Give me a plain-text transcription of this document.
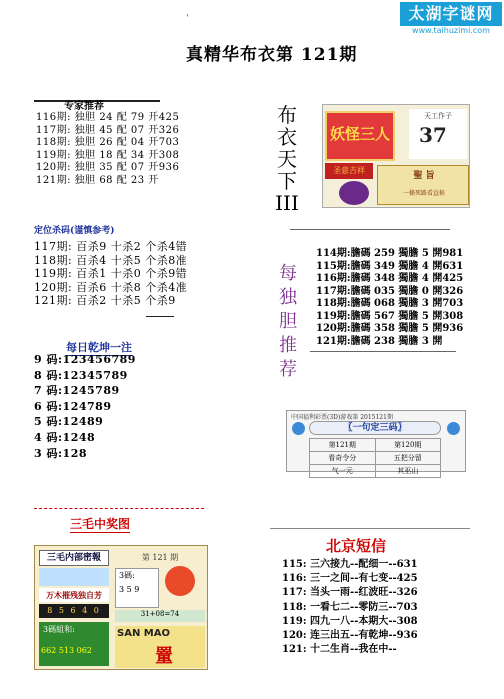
太湖字谜网
www.taihuzimi.com
ˈ
真精华布衣第 121期
专家推荐
116期: 独胆 24 配 79 开425
117期: 独胆 45 配 07 开326
118期: 独胆 26 配 04 开703
119期: 独胆 18 配 34 开308
120期: 独胆 35 配 07 开936
121期: 独胆 68 配 23 开
定位杀码(谨慎参考)
117期: 百杀9 十杀2 个杀4错
118期: 百杀4 十杀5 个杀8准
119期: 百杀1 十杀0 个杀9错
120期: 百杀6 十杀8 个杀4准
121期: 百杀2 十杀5 个杀9
每日乾坤一注
9 码:123456789
8 码:12345789
7 码:1245789
6 码:124789
5 码:12489
4 码:1248
3 码:128
布
衣
天
下
III
妖怪三人
天工作子
37
圣意吉祥
聖 旨
一條死路看直候
每
独
胆
推
荐
114期:膽碼 259 獨膽 5 開981
115期:膽碼 349 獨膽 4 開631
116期:膽碼 348 獨膽 4 開425
117期:膽碼 035 獨膽 0 開326
118期:膽碼 068 獨膽 3 開703
119期:膽碼 567 獨膽 5 開308
120期:膽碼 358 獨膽 5 開936
121期:膽碼 238 獨膽 3 開
中国福利彩票(3D)游戏第 2015121期
〖一句定三码〗
第121期	第120期
看奇令分	五把分留
气一元	其巫山
三毛中奖图
三毛内部密報
万木摧残独自芳
8 5 6 4 0
3碼組和:
662 513 062
第 121 期
3碼:
3 5 9
31+08=74
SAN MAO
罿
北京短信
115: 三六接九--配细一--631
116: 三一之间--有七变--425
117: 当头一雨--红波旺--326
118: 一看七二--零防三--703
119: 四九一八--本期大--308
120: 连三出五--有乾坤--936
121: 十二生肖--我在中--
